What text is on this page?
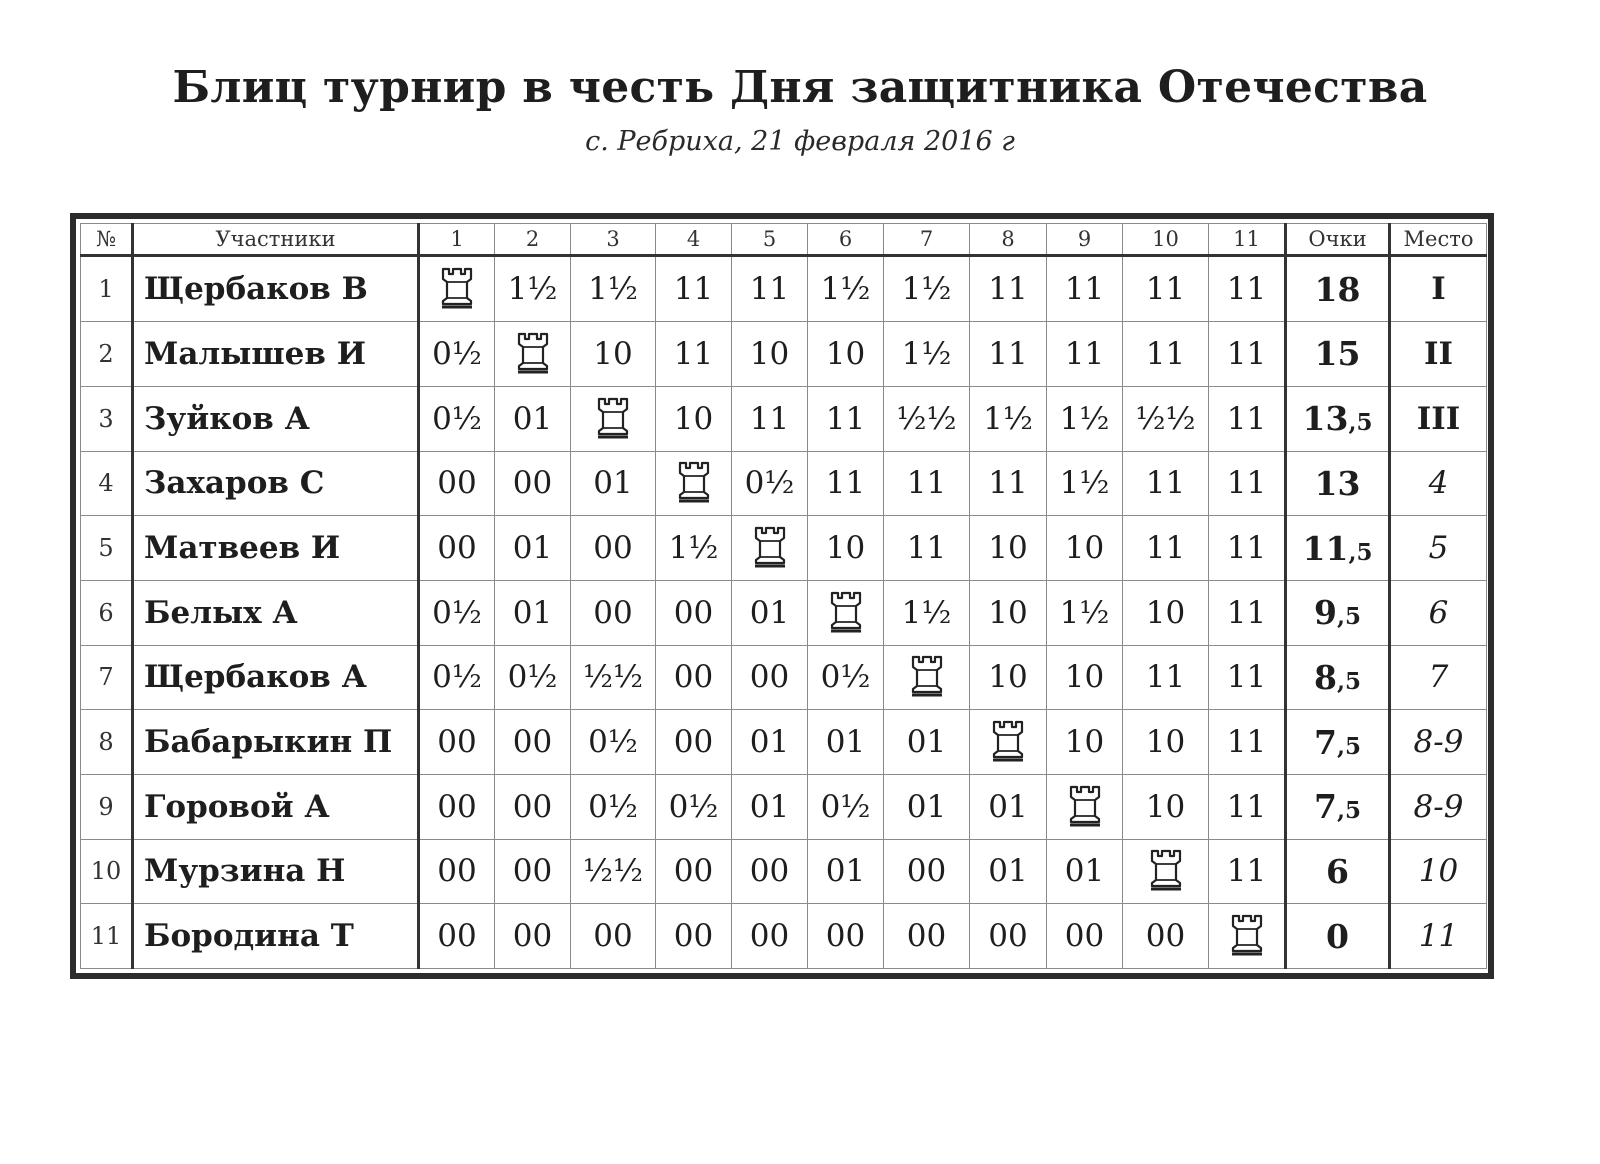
Блиц турнир в честь Дня защитника Отечества
с. Ребриха, 21 февраля 2016 г
№	Участники	1	2	3	4	5	6	7	8	9	10	11	Очки	Место
1	Щербаков В		1½	1½	11	11	1½	1½	11	11	11	11	18	I
2	Малышев И	0½		10	11	10	10	1½	11	11	11	11	15	II
3	Зуйков А	0½	01		10	11	11	½½	1½	1½	½½	11	13,5	III
4	Захаров С	00	00	01		0½	11	11	11	1½	11	11	13	4
5	Матвеев И	00	01	00	1½		10	11	10	10	11	11	11,5	5
6	Белых А	0½	01	00	00	01		1½	10	1½	10	11	9,5	6
7	Щербаков А	0½	0½	½½	00	00	0½		10	10	11	11	8,5	7
8	Бабарыкин П	00	00	0½	00	01	01	01		10	10	11	7,5	8-9
9	Горовой А	00	00	0½	0½	01	0½	01	01		10	11	7,5	8-9
10	Мурзина Н	00	00	½½	00	00	01	00	01	01		11	6	10
11	Бородина Т	00	00	00	00	00	00	00	00	00	00		0	11
